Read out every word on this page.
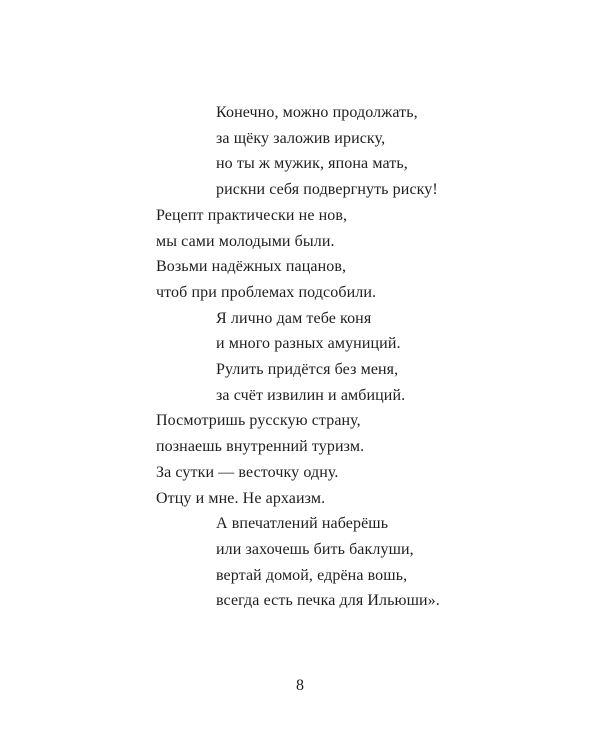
Конечно, можно продолжать,
за щёку заложив ириску,
но ты ж мужик, япона мать,
рискни себя подвергнуть риску!
Рецепт практически не нов,
мы сами молодыми были.
Возьми надёжных пацанов,
чтоб при проблемах подсобили.
Я лично дам тебе коня
и много разных амуниций.
Рулить придётся без меня,
за счёт извилин и амбиций.
Посмотришь русскую страну,
познаешь внутренний туризм.
За сутки — весточку одну.
Отцу и мне. Не архаизм.
А впечатлений наберёшь
или захочешь бить баклуши,
вертай домой, едрёна вошь,
всегда есть печка для Ильюши».
8
